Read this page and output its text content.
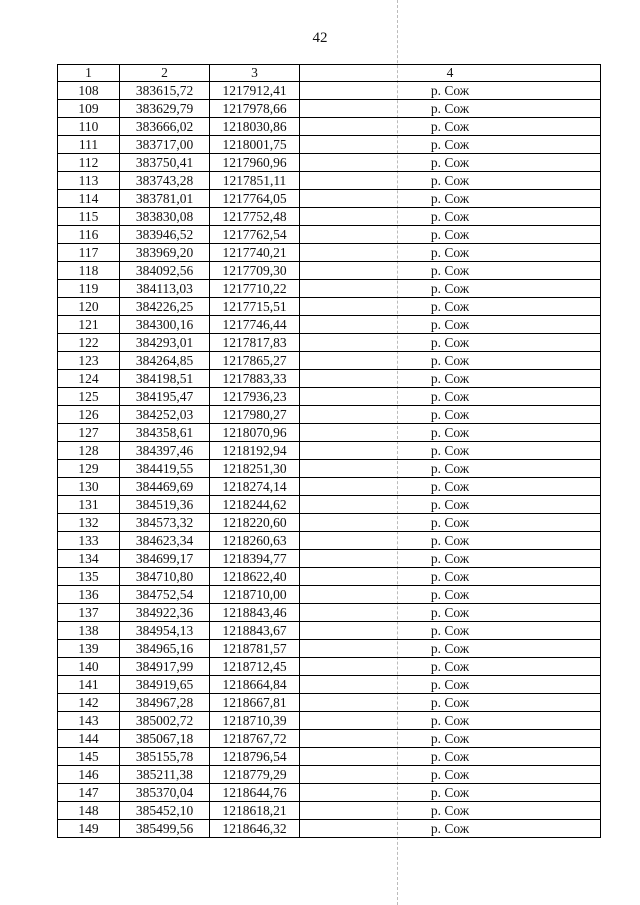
42
1	2	3	4
108	383615,72	1217912,41	р. Сож
109	383629,79	1217978,66	р. Сож
110	383666,02	1218030,86	р. Сож
111	383717,00	1218001,75	р. Сож
112	383750,41	1217960,96	р. Сож
113	383743,28	1217851,11	р. Сож
114	383781,01	1217764,05	р. Сож
115	383830,08	1217752,48	р. Сож
116	383946,52	1217762,54	р. Сож
117	383969,20	1217740,21	р. Сож
118	384092,56	1217709,30	р. Сож
119	384113,03	1217710,22	р. Сож
120	384226,25	1217715,51	р. Сож
121	384300,16	1217746,44	р. Сож
122	384293,01	1217817,83	р. Сож
123	384264,85	1217865,27	р. Сож
124	384198,51	1217883,33	р. Сож
125	384195,47	1217936,23	р. Сож
126	384252,03	1217980,27	р. Сож
127	384358,61	1218070,96	р. Сож
128	384397,46	1218192,94	р. Сож
129	384419,55	1218251,30	р. Сож
130	384469,69	1218274,14	р. Сож
131	384519,36	1218244,62	р. Сож
132	384573,32	1218220,60	р. Сож
133	384623,34	1218260,63	р. Сож
134	384699,17	1218394,77	р. Сож
135	384710,80	1218622,40	р. Сож
136	384752,54	1218710,00	р. Сож
137	384922,36	1218843,46	р. Сож
138	384954,13	1218843,67	р. Сож
139	384965,16	1218781,57	р. Сож
140	384917,99	1218712,45	р. Сож
141	384919,65	1218664,84	р. Сож
142	384967,28	1218667,81	р. Сож
143	385002,72	1218710,39	р. Сож
144	385067,18	1218767,72	р. Сож
145	385155,78	1218796,54	р. Сож
146	385211,38	1218779,29	р. Сож
147	385370,04	1218644,76	р. Сож
148	385452,10	1218618,21	р. Сож
149	385499,56	1218646,32	р. Сож
